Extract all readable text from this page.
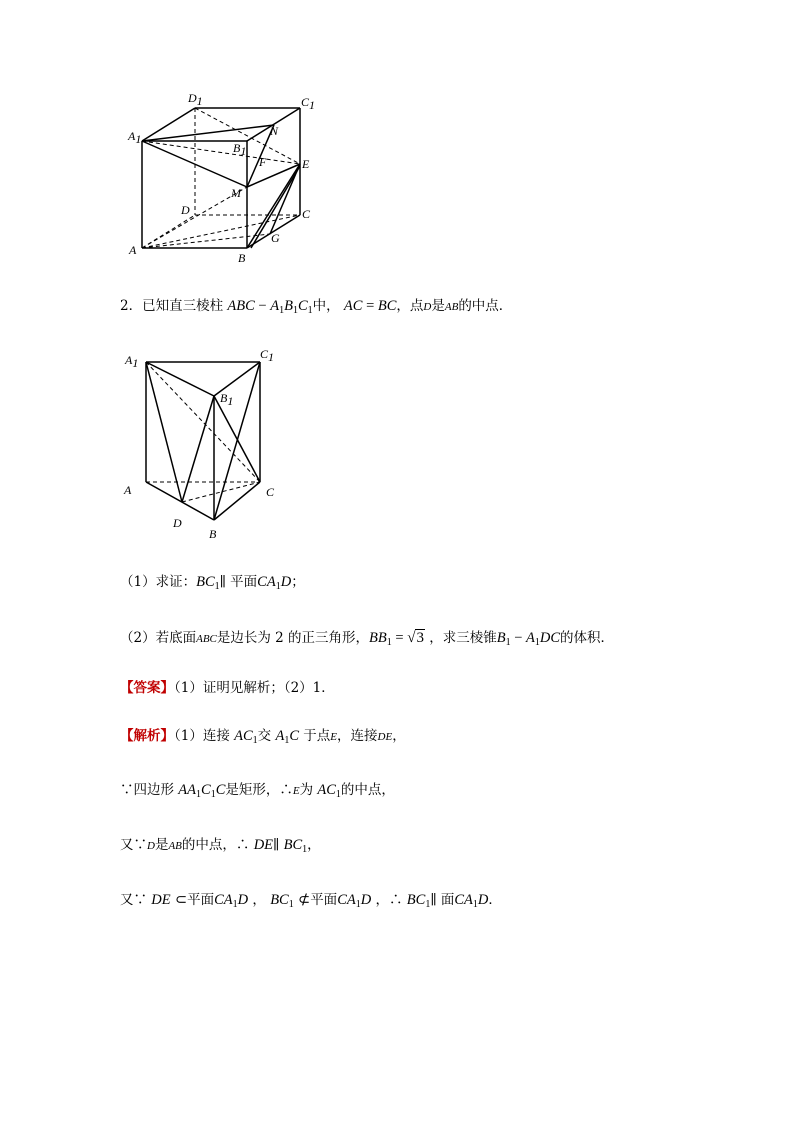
D1	C1
A1
B1
N
F	E
M
D	C
A
B
G
2．已知直三棱柱 ABC − $A_1B_1C_1$中， AC = BC，点D是AB的中点．
A1
C1
B1
A	C
D
B
（1）求证：$BC_1\parallel$ 平面$CA_1D$；
（2）若底面ABC是边长为 2 的正三角形，$BB_1 = √3$ ，求三棱锥$B_1 - A_1DC$的体积．
【答案】（1）证明见解析；（2）1．
【解析】（1）连接 $AC_1$交 $A_1C$ 于点E，连接DE，
∵四边形 $AA_1C_1C$是矩形，∴E为 $AC_1$的中点，
又∵D是AB的中点，∴ DE∥ $BC_1$，
又∵ DE ⊂平面$CA_1D$ ， $BC_1$ ⊄平面$CA_1D$ ，∴ $BC_1\parallel$ 面$CA_1D$．
